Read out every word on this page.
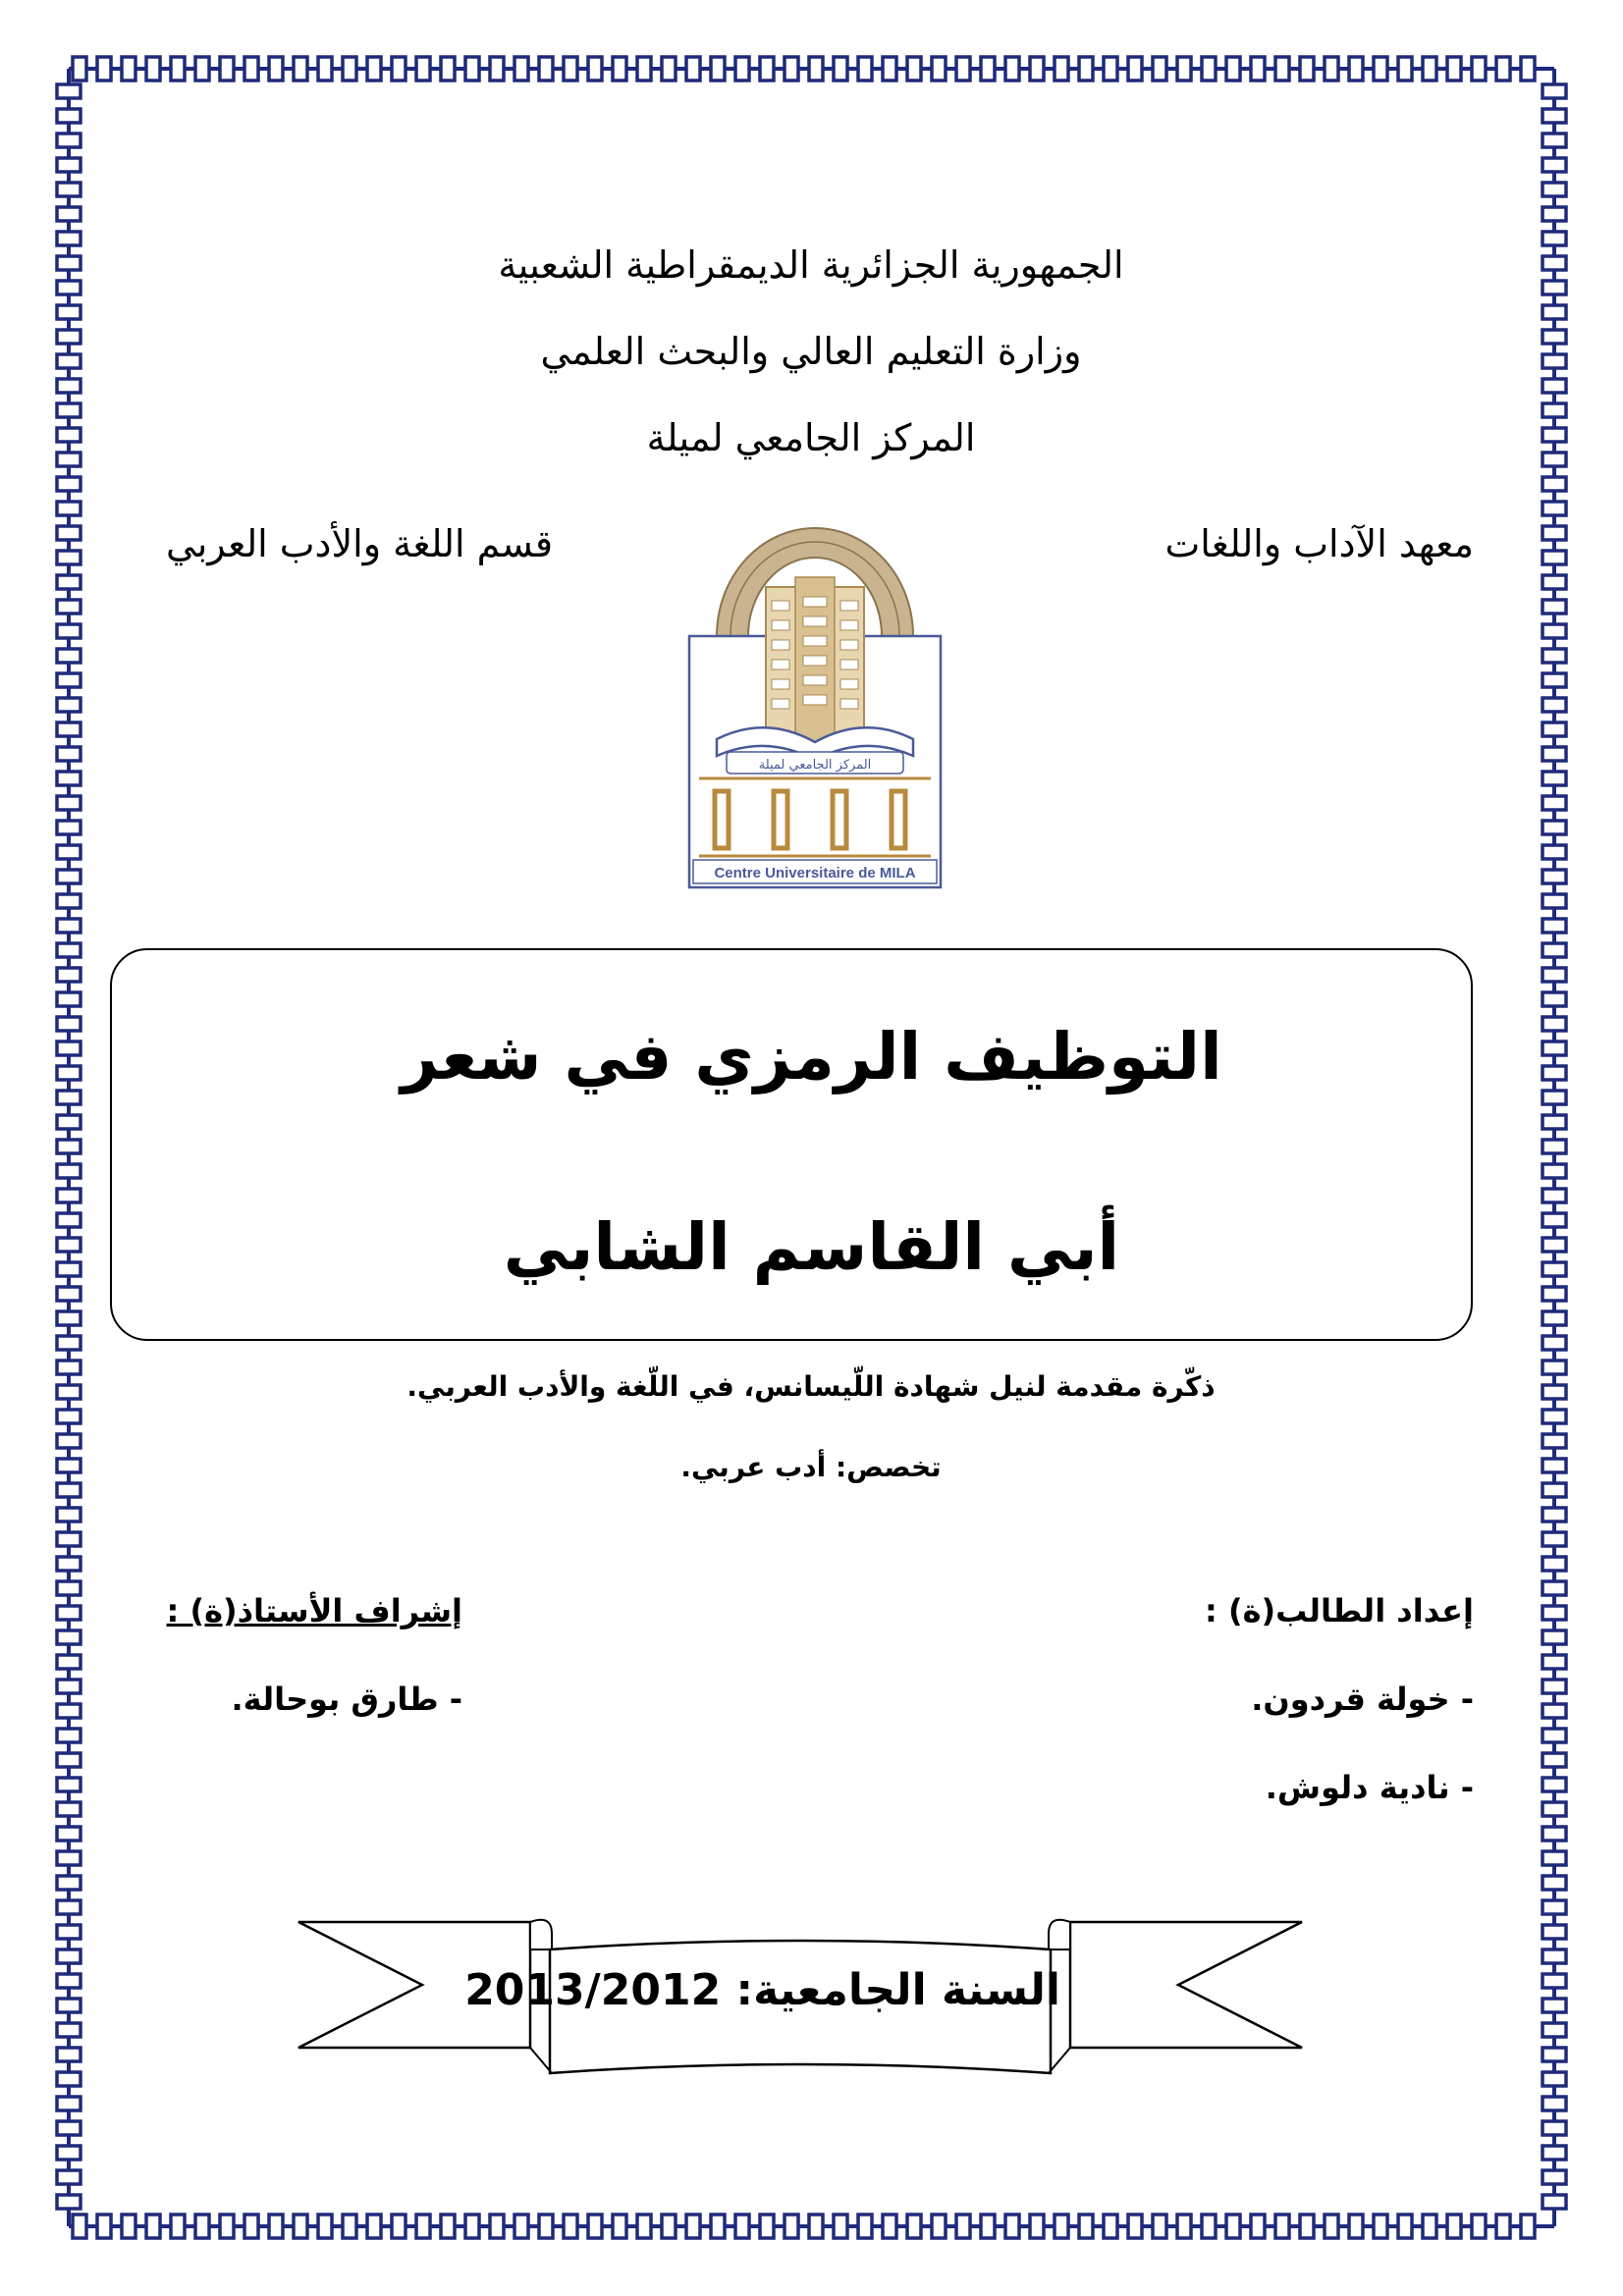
الجمهورية الجزائرية الديمقراطية الشعبية
وزارة التعليم العالي والبحث العلمي
المركز الجامعي لميلة
معهد الآداب واللغات
قسم اللغة والأدب العربي
المركز الجامعي لميلة
Centre Universitaire de MILA
التوظيف الرمزي في شعر
أبي القاسم الشابي
ذكّرة مقدمة لنيل شهادة اللّيسانس، في اللّغة والأدب العربي.
تخصص: أدب عربي.
إعداد الطالب(ة) :
- خولة قردون.
- نادية دلوش.
إشراف الأستاذ(ة) :
- طارق بوحالة.
السنة الجامعية: 2013/2012
